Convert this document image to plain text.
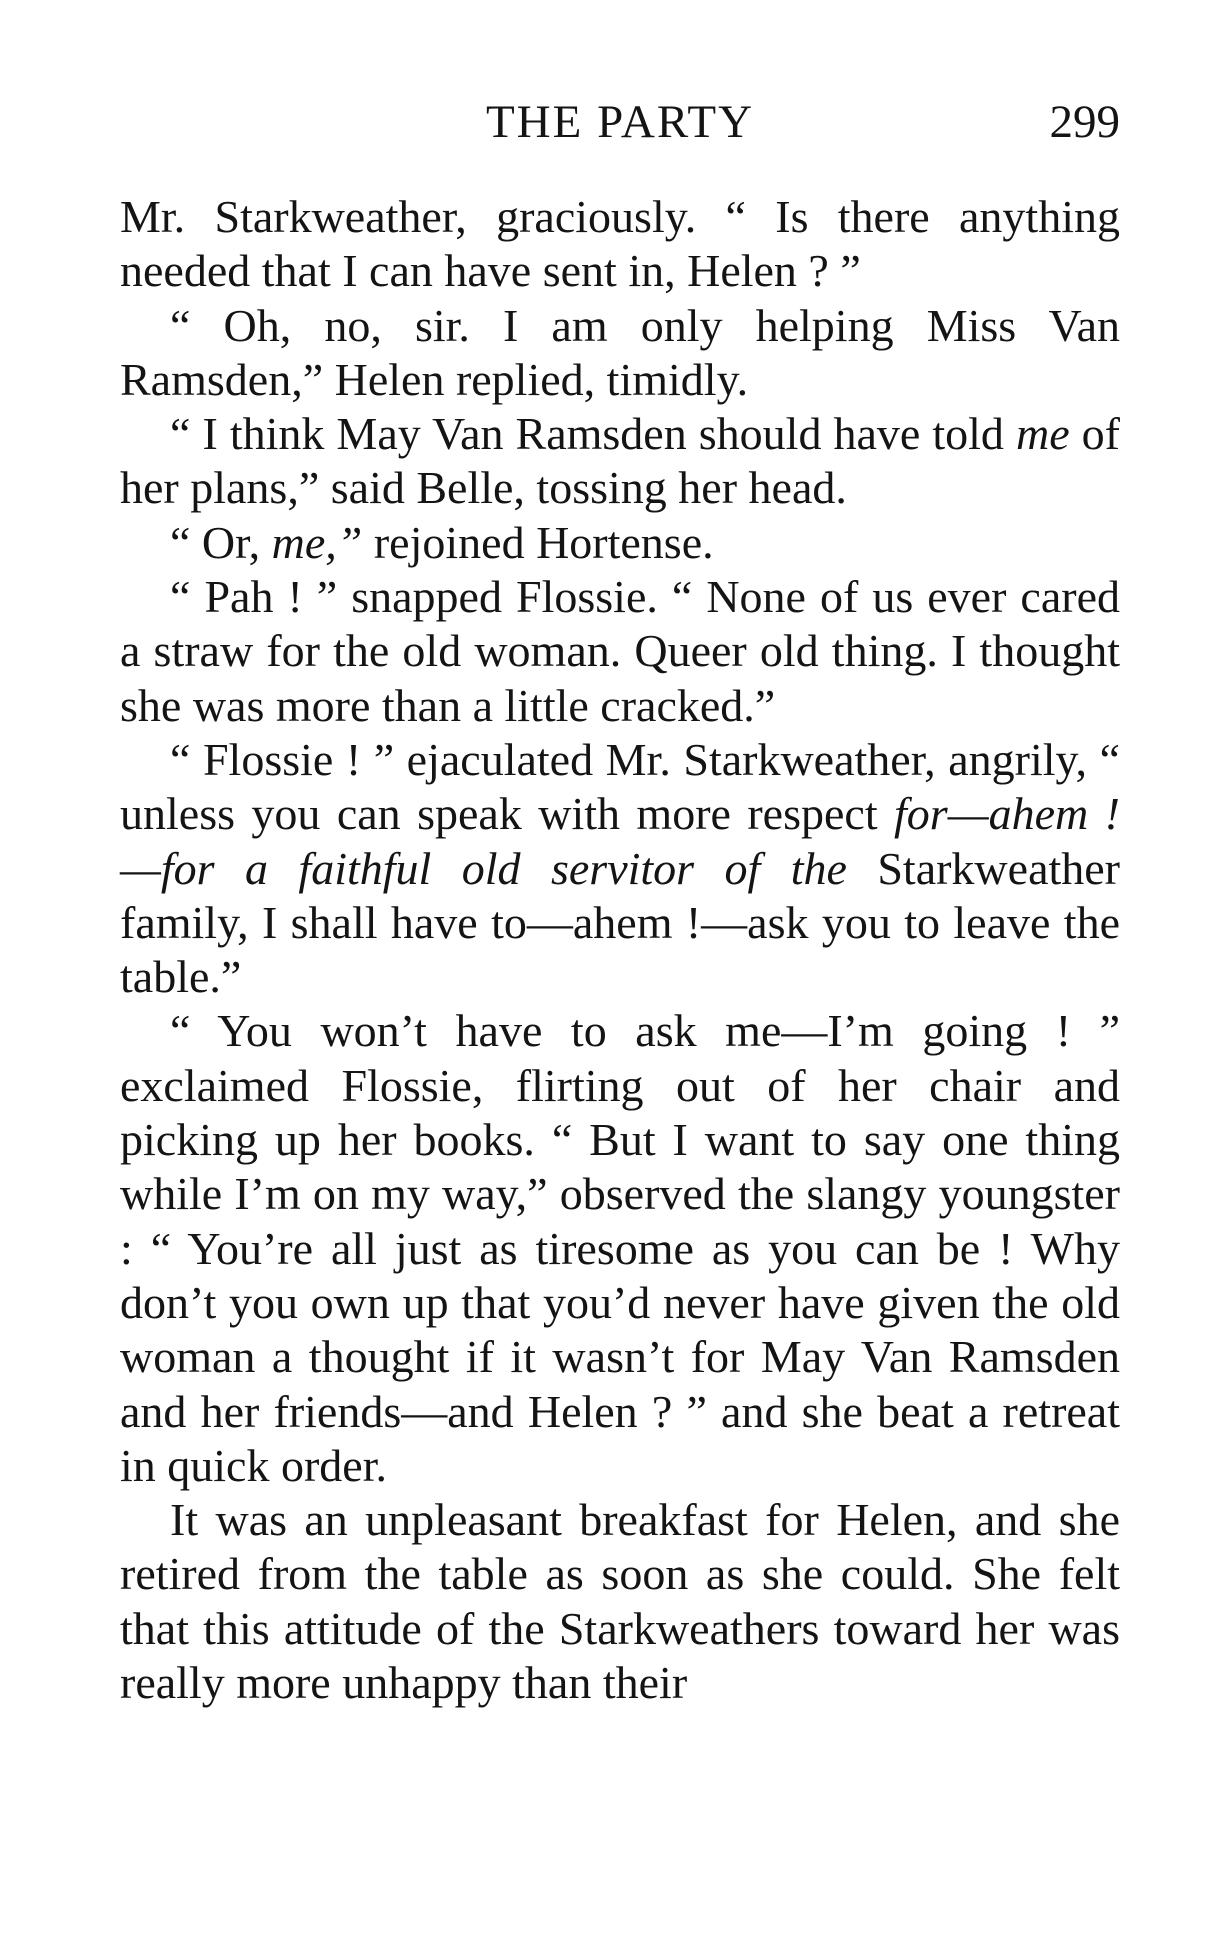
THE PARTY	299

Mr. Starkweather, graciously. “ Is there anything needed that I can have sent in, Helen ? ”

“ Oh, no, sir. I am only helping Miss Van Ramsden,” Helen replied, timidly.

“ I think May Van Ramsden should have told me of her plans,” said Belle, tossing her head.

“ Or, me,” rejoined Hortense.

“ Pah ! ” snapped Flossie. “ None of us ever cared a straw for the old woman. Queer old thing. I thought she was more than a little cracked.”

“ Flossie ! ” ejaculated Mr. Starkweather, angrily, “ unless you can speak with more respect for—ahem !—for a faithful old servitor of the Starkweather family, I shall have to—ahem !—ask you to leave the table.”

“ You won’t have to ask me—I’m going ! ” exclaimed Flossie, flirting out of her chair and picking up her books. “ But I want to say one thing while I’m on my way,” observed the slangy youngster : “ You’re all just as tiresome as you can be ! Why don’t you own up that you’d never have given the old woman a thought if it wasn’t for May Van Ramsden and her friends—and Helen ? ” and she beat a retreat in quick order.

It was an unpleasant breakfast for Helen, and she retired from the table as soon as she could. She felt that this attitude of the Starkweathers toward her was really more unhappy than their
